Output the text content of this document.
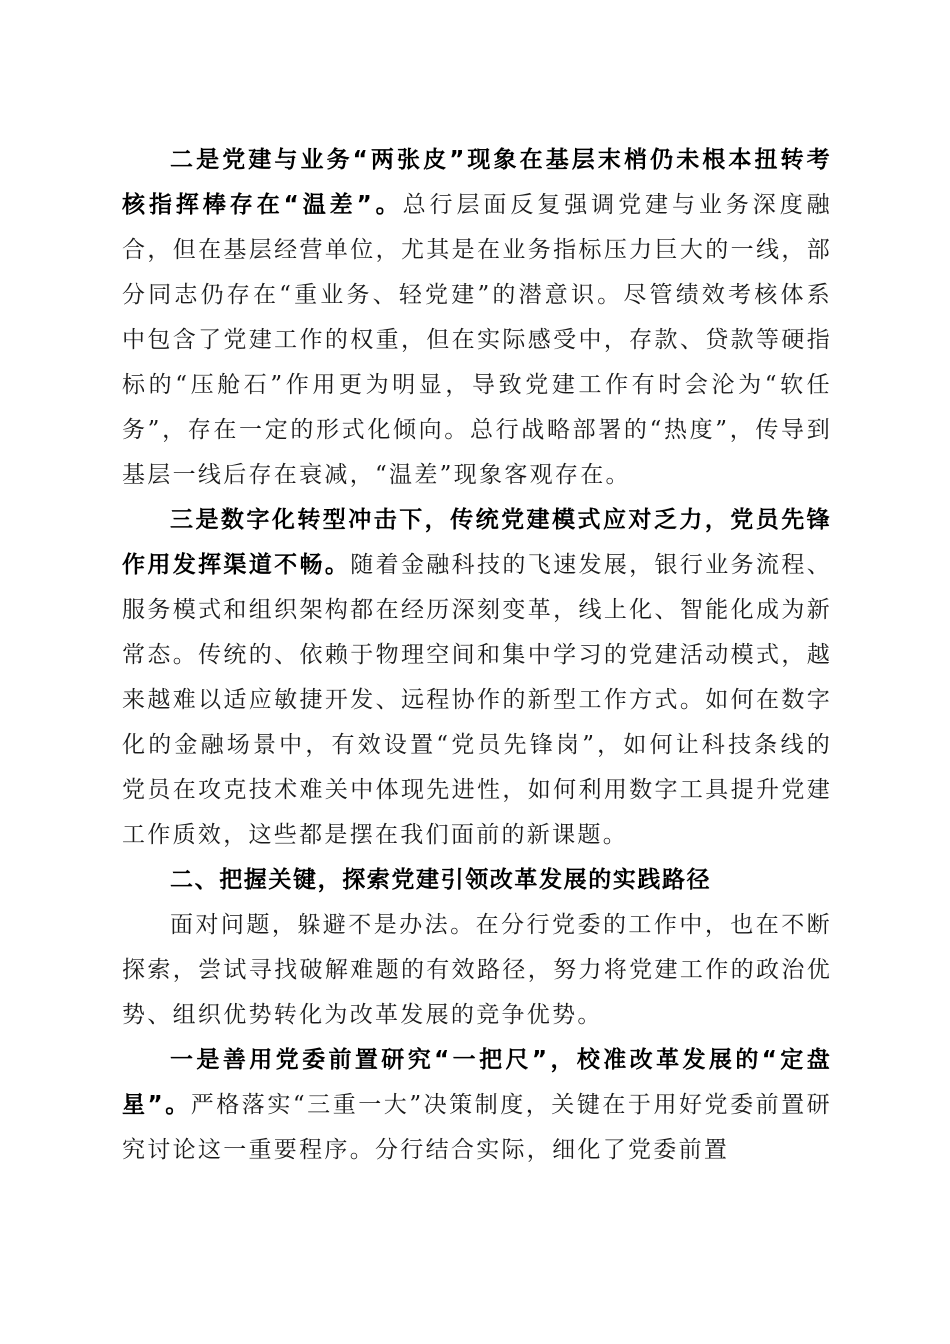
二是党建与业务“两张皮”现象在基层末梢仍未根本扭转考核指挥棒存在“温差”。总行层面反复强调党建与业务深度融合，但在基层经营单位，尤其是在业务指标压力巨大的一线，部分同志仍存在“重业务、轻党建”的潜意识。尽管绩效考核体系中包含了党建工作的权重，但在实际感受中，存款、贷款等硬指标的“压舱石”作用更为明显，导致党建工作有时会沦为“软任务”，存在一定的形式化倾向。总行战略部署的“热度”，传导到基层一线后存在衰减，“温差”现象客观存在。

三是数字化转型冲击下，传统党建模式应对乏力，党员先锋作用发挥渠道不畅。随着金融科技的飞速发展，银行业务流程、服务模式和组织架构都在经历深刻变革，线上化、智能化成为新常态。传统的、依赖于物理空间和集中学习的党建活动模式，越来越难以适应敏捷开发、远程协作的新型工作方式。如何在数字化的金融场景中，有效设置“党员先锋岗”，如何让科技条线的党员在攻克技术难关中体现先进性，如何利用数字工具提升党建工作质效，这些都是摆在我们面前的新课题。

二、把握关键，探索党建引领改革发展的实践路径

面对问题，躲避不是办法。在分行党委的工作中，也在不断探索，尝试寻找破解难题的有效路径，努力将党建工作的政治优势、组织优势转化为改革发展的竞争优势。

一是善用党委前置研究“一把尺”，校准改革发展的“定盘星”。严格落实“三重一大”决策制度，关键在于用好党委前置研究讨论这一重要程序。分行结合实际，细化了党委前置
